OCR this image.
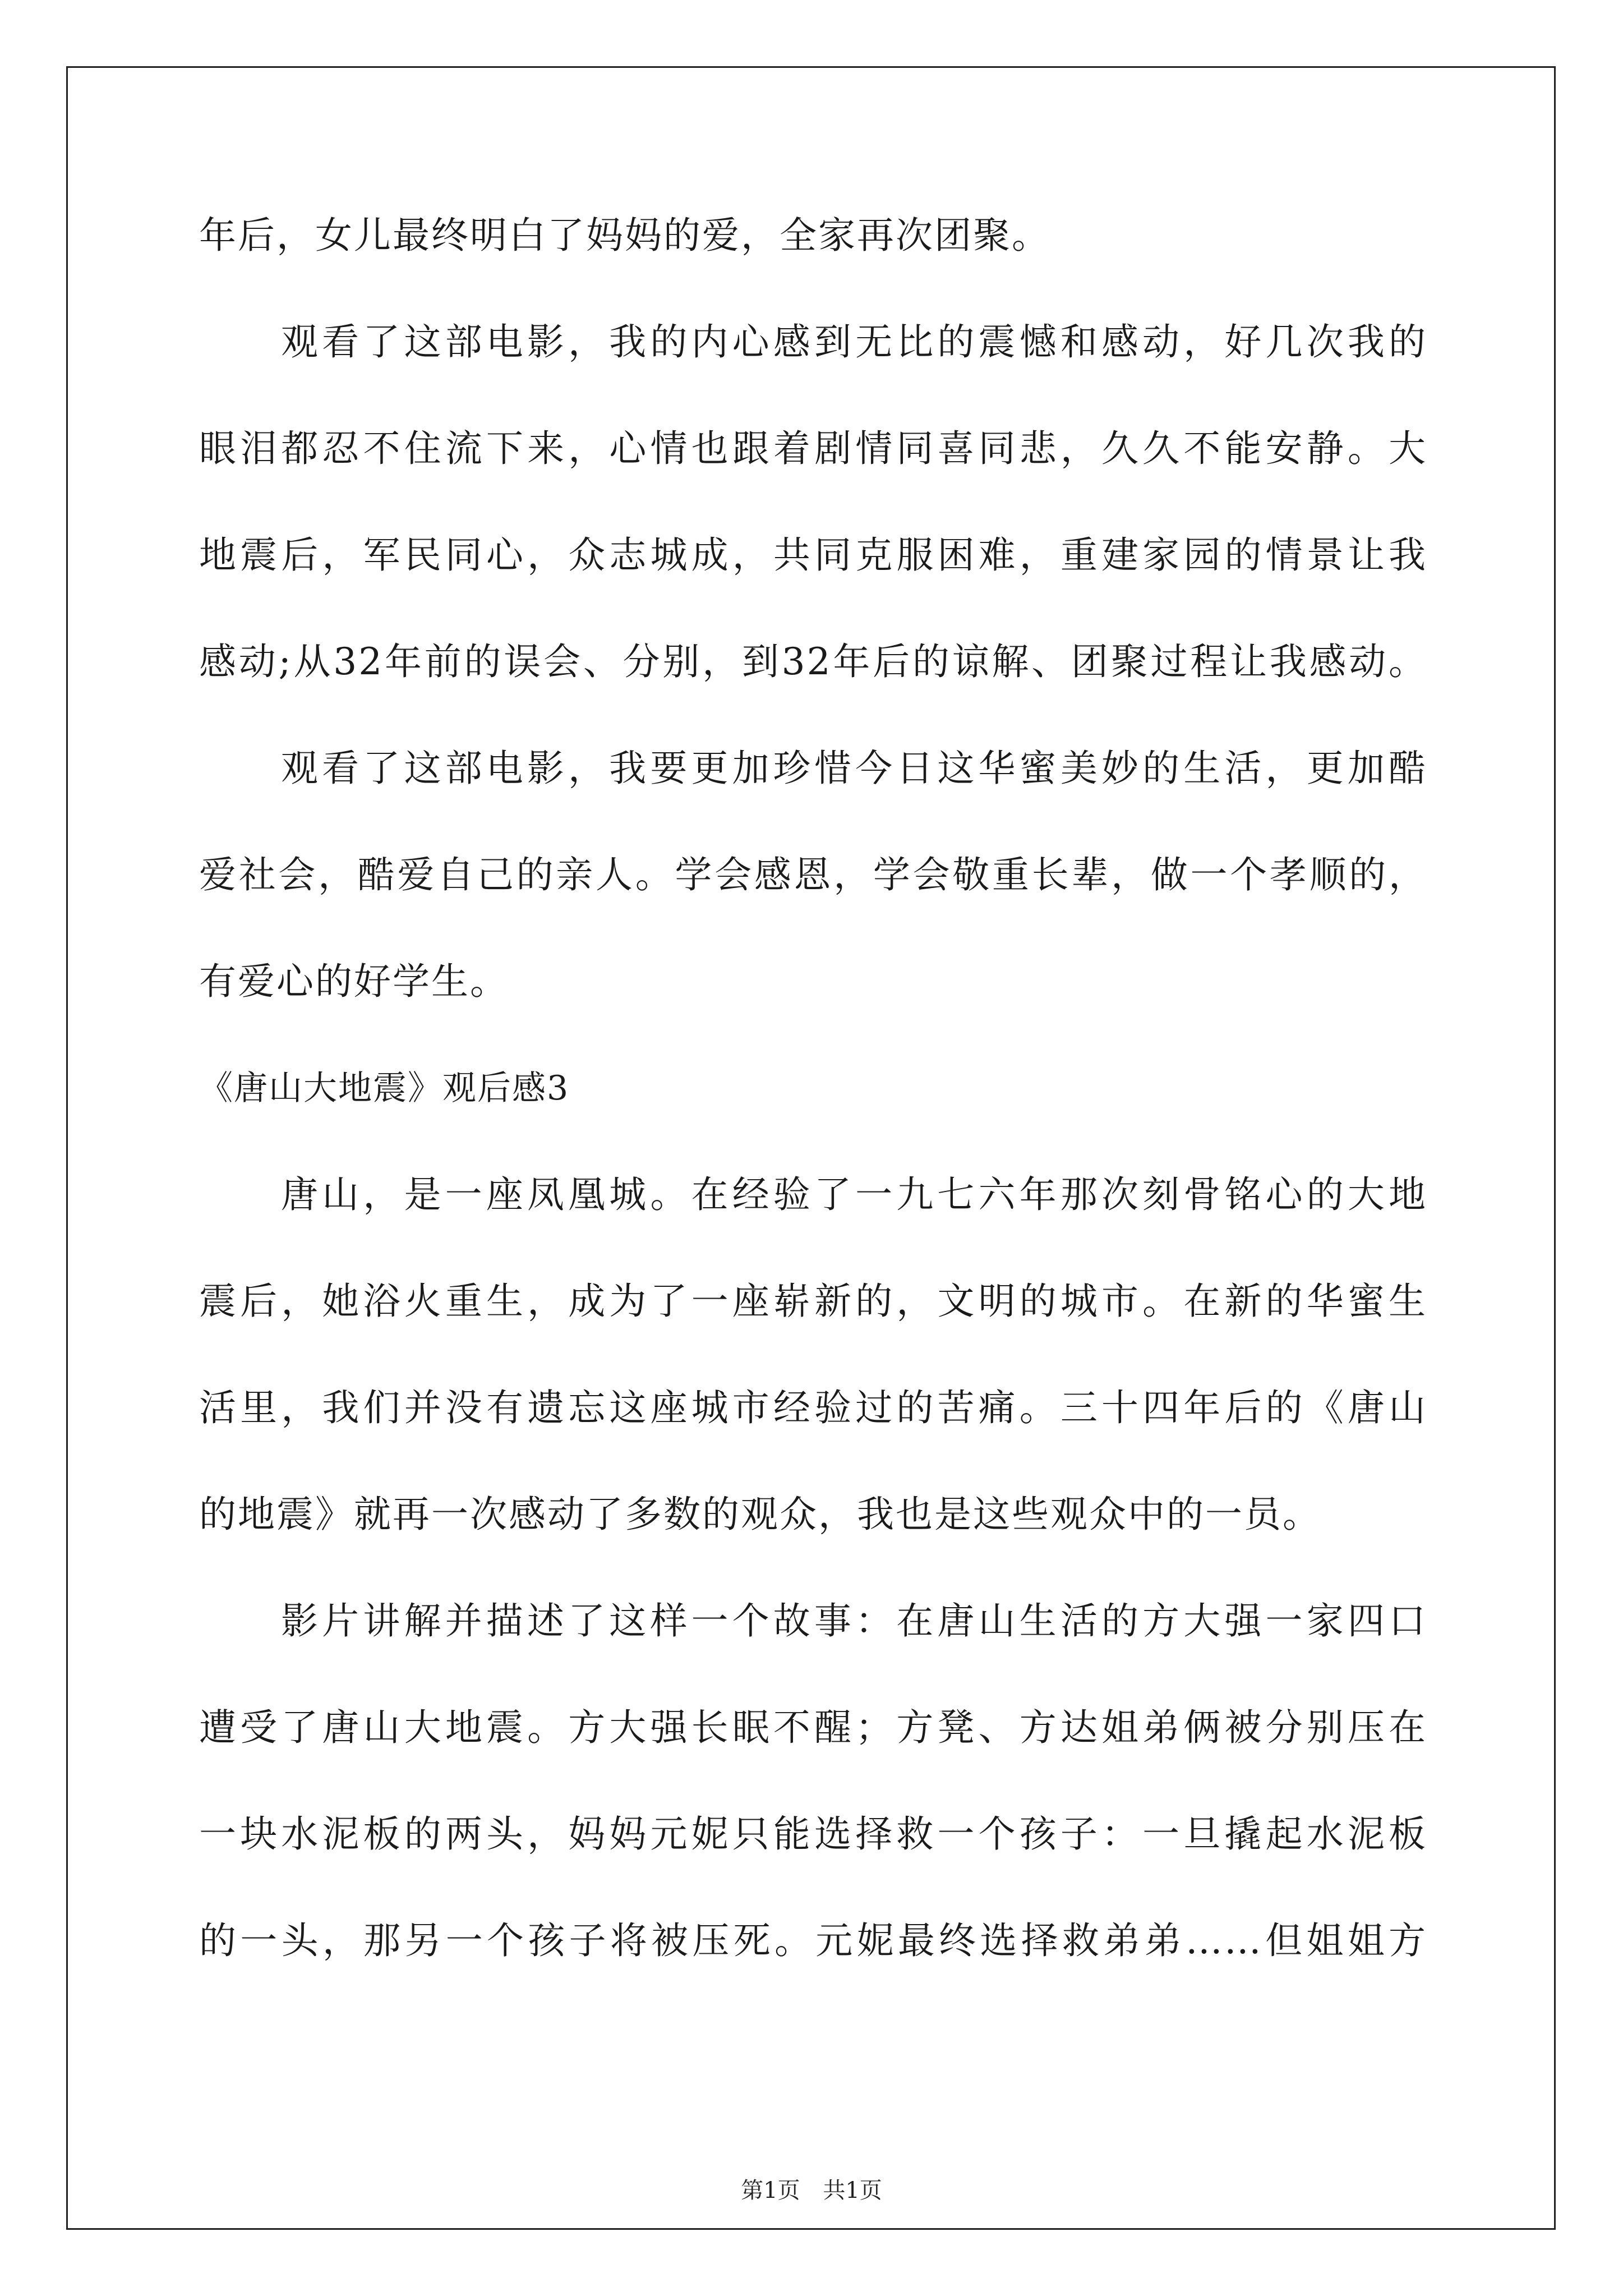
年后，女儿最终明白了妈妈的爱，全家再次团聚。
观看了这部电影，我的内心感到无比的震憾和感动，好几次我的
眼泪都忍不住流下来，心情也跟着剧情同喜同悲，久久不能安静。大
地震后，军民同心，众志城成，共同克服困难，重建家园的情景让我
感动;从32年前的误会、分别，到32年后的谅解、团聚过程让我感动。
观看了这部电影，我要更加珍惜今日这华蜜美妙的生活，更加酷
爱社会，酷爱自己的亲人。学会感恩，学会敬重长辈，做一个孝顺的，
有爱心的好学生。
《唐山大地震》观后感3
唐山，是一座凤凰城。在经验了一九七六年那次刻骨铭心的大地
震后，她浴火重生，成为了一座崭新的，文明的城市。在新的华蜜生
活里，我们并没有遗忘这座城市经验过的苦痛。三十四年后的《唐山
的地震》就再一次感动了多数的观众，我也是这些观众中的一员。
影片讲解并描述了这样一个故事：在唐山生活的方大强一家四口
遭受了唐山大地震。方大强长眠不醒；方凳、方达姐弟俩被分别压在
一块水泥板的两头，妈妈元妮只能选择救一个孩子：一旦撬起水泥板
的一头，那另一个孩子将被压死。元妮最终选择救弟弟……但姐姐方
第1页 共1页
